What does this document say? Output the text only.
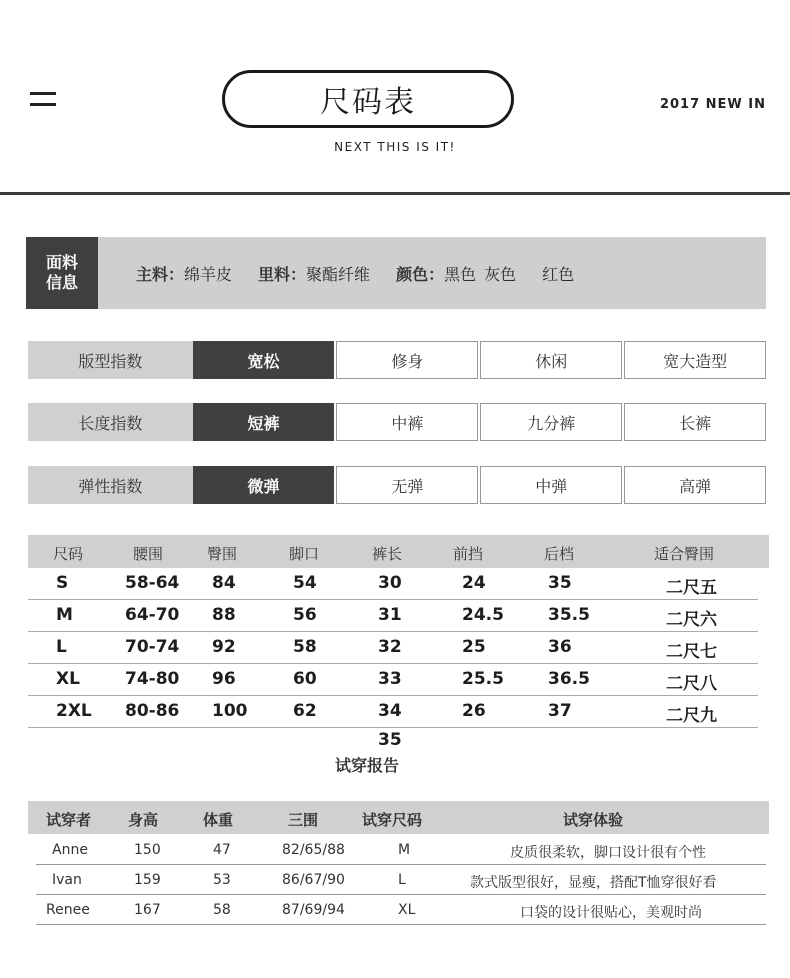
尺码表	2017 NEW IN
NEXT THIS IS IT!
面料
信息	主料：绵羊皮 里料：聚酯纤维 颜色：黑色 灰色 红色
版型指数	宽松	修身	休闲	宽大造型
长度指数	短裤	中裤	九分裤	长裤
弹性指数	微弹	无弹	中弹	高弹
尺码	腰围	臀围	脚口	裤长	前挡	后档	适合臀围
S	58-64 84	54	30	24	35	二尺五
M	64-70 88	56	31	24.5	35.5	二尺六
L	70-74 92	58	32	25	36	二尺七
XL	74-80 96	60	33	25.5	36.5	二尺八
2XL 80-86 100	62	34	26	37	二尺九
35
试穿报告
试穿者 身高	体重	三围	试穿尺码	试穿体验
Anne	150	47	82/65/88	M	皮质很柔软，脚口设计很有个性
Ivan	159	53	86/67/90	L	款式版型很好，显瘦，搭配T恤穿很好看
Renee	167	58	87/69/94	XL	口袋的设计很贴心，美观时尚
